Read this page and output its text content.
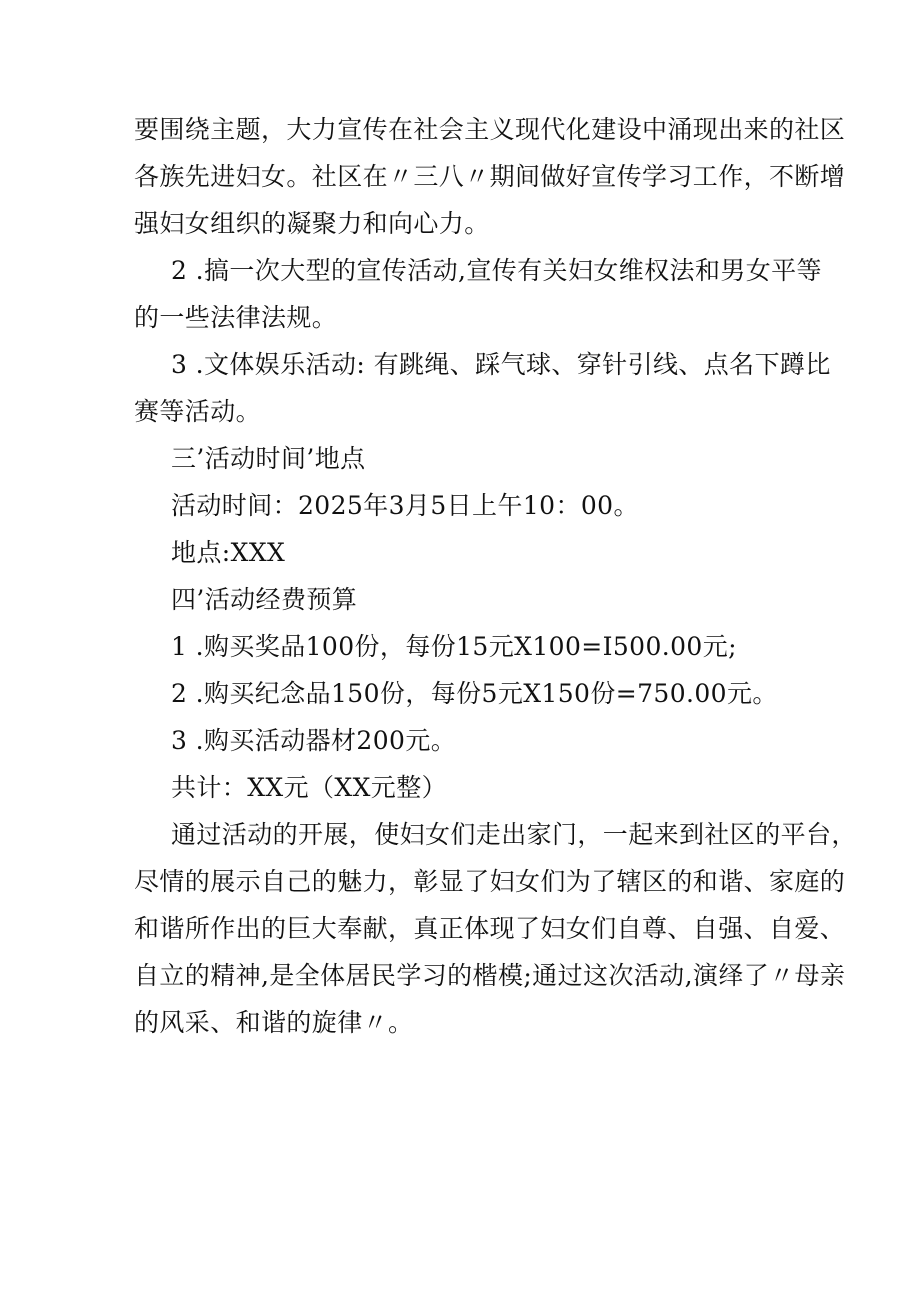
要围绕主题，大力宣传在社会主义现代化建设中涌现出来的社区
各族先进妇女。社区在〃三八〃期间做好宣传学习工作，不断增
强妇女组织的凝聚力和向心力。
2 .搞一次大型的宣传活动,宣传有关妇女维权法和男女平等
的一些法律法规。
3 .文体娱乐活动: 有跳绳、踩气球、穿针引线、点名下蹲比
赛等活动。
三’活动时间’地点
活动时间：2025年3月5日上午10：00。
地点:XXX
四’活动经费预算
1 .购买奖品100份，每份15元X100=I500.00元;
2 .购买纪念品150份，每份5元X150份=750.00元。
3 .购买活动器材200元。
共计：XX元（XX元整）
通过活动的开展，使妇女们走出家门，一起来到社区的平台，
尽情的展示自己的魅力，彰显了妇女们为了辖区的和谐、家庭的
和谐所作出的巨大奉献，真正体现了妇女们自尊、自强、自爱、
自立的精神,是全体居民学习的楷模;通过这次活动,演绎了〃母亲
的风采、和谐的旋律〃。
